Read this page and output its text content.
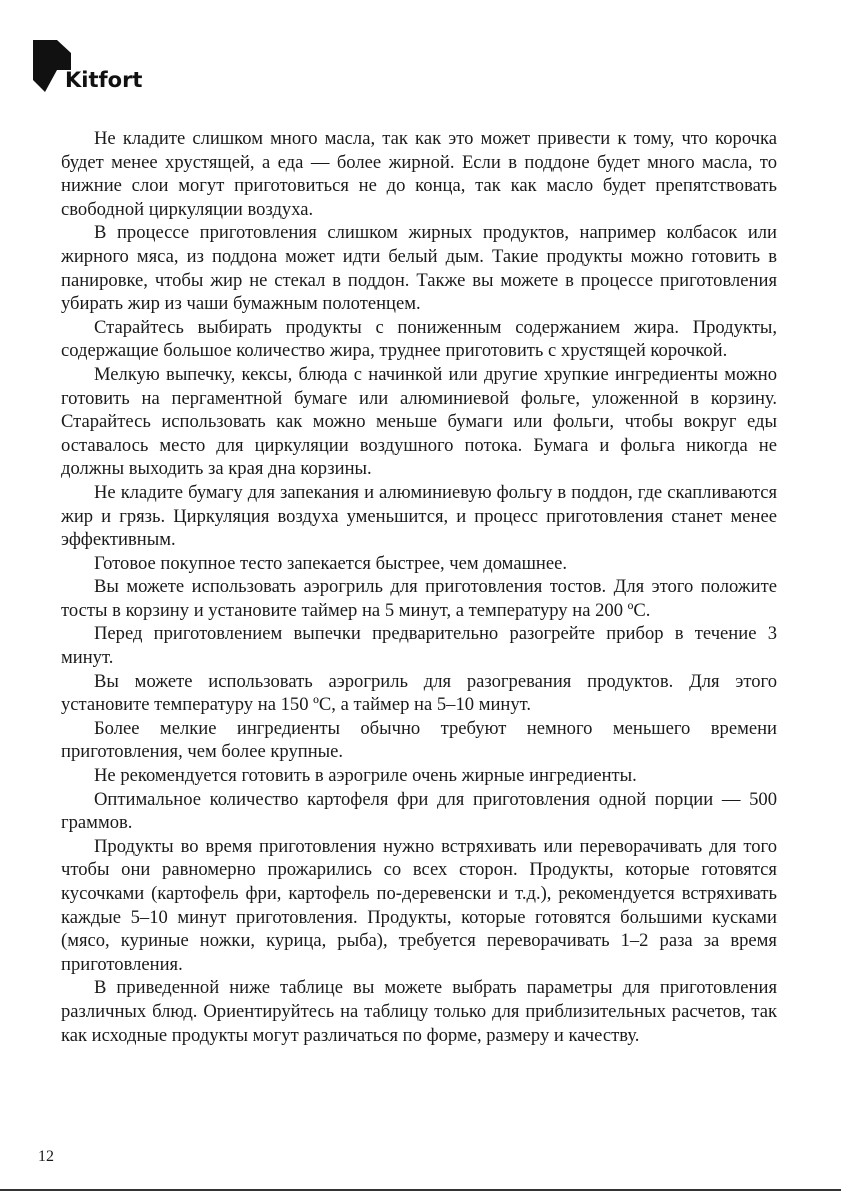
Kitfort

Не кладите слишком много масла, так как это может привести к тому, что корочка будет менее хрустящей, а еда — более жирной. Если в поддоне будет много масла, то нижние слои могут приготовиться не до конца, так как масло будет препятствовать свободной циркуляции воздуха.

В процессе приготовления слишком жирных продуктов, например колбасок или жирного мяса, из поддона может идти белый дым. Такие продукты можно готовить в панировке, чтобы жир не стекал в поддон. Также вы можете в процессе приготовления убирать жир из чаши бумажным полотенцем.

Старайтесь выбирать продукты с пониженным содержанием жира. Продукты, содержащие большое количество жира, труднее приготовить с хрустящей корочкой.

Мелкую выпечку, кексы, блюда с начинкой или другие хрупкие ингредиенты можно готовить на пергаментной бумаге или алюминиевой фольге, уложенной в корзину. Старайтесь использовать как можно меньше бумаги или фольги, чтобы вокруг еды оставалось место для циркуляции воздушного потока. Бумага и фольга никогда не должны выходить за края дна корзины.

Не кладите бумагу для запекания и алюминиевую фольгу в поддон, где скапливаются жир и грязь. Циркуляция воздуха уменьшится, и процесс приготовления станет менее эффективным.

Готовое покупное тесто запекается быстрее, чем домашнее.

Вы можете использовать аэрогриль для приготовления тостов. Для этого положите тосты в корзину и установите таймер на 5 минут, а температуру на 200 ºC.

Перед приготовлением выпечки предварительно разогрейте прибор в течение 3 минут.

Вы можете использовать аэрогриль для разогревания продуктов. Для этого установите температуру на 150 ºC, а таймер на 5–10 минут.

Более мелкие ингредиенты обычно требуют немного меньшего времени приготовления, чем более крупные.

Не рекомендуется готовить в аэрогриле очень жирные ингредиенты.

Оптимальное количество картофеля фри для приготовления одной порции — 500 граммов.

Продукты во время приготовления нужно встряхивать или переворачивать для того чтобы они равномерно прожарились со всех сторон. Продукты, которые готовятся кусочками (картофель фри, картофель по-деревенски и т.д.), рекомендуется встряхивать каждые 5–10 минут приготовления. Продукты, которые готовятся большими кусками (мясо, куриные ножки, курица, рыба), требуется переворачивать 1–2 раза за время приготовления.

В приведенной ниже таблице вы можете выбрать параметры для приготовления различных блюд. Ориентируйтесь на таблицу только для приблизительных расчетов, так как исходные продукты могут различаться по форме, размеру и качеству.

12
